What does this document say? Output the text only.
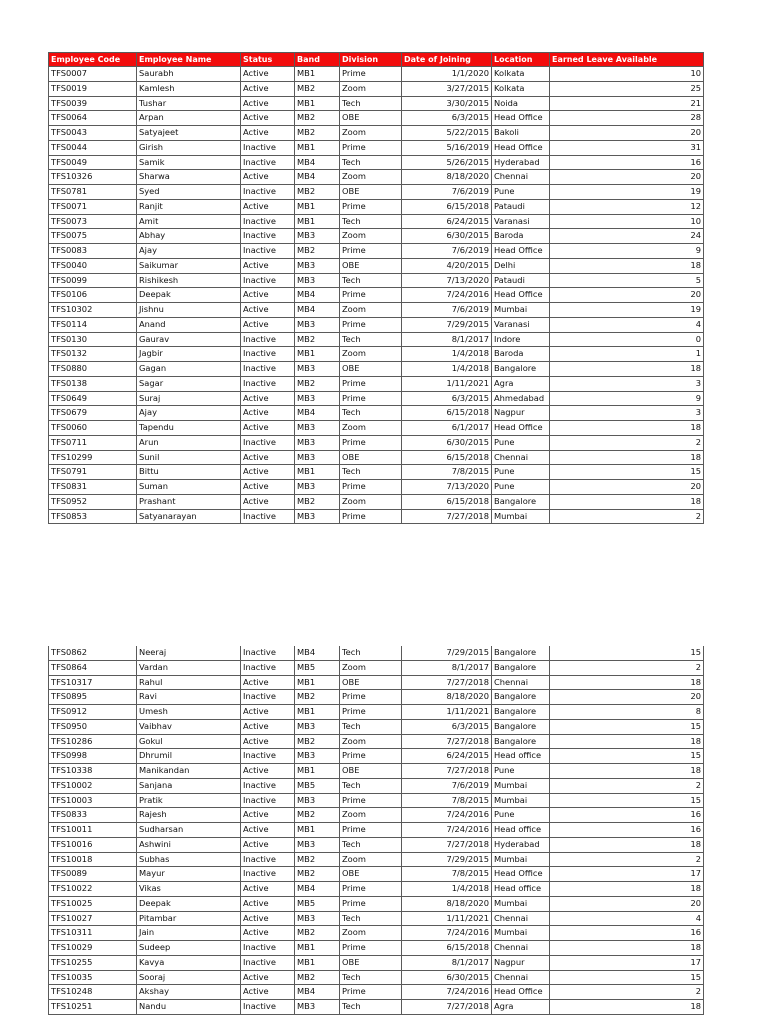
Employee Code	Employee Name	Status	Band	Division	Date of Joining	Location	Earned Leave Available
TFS0007	Saurabh	Active	MB1	Prime	1/1/2020 Kolkata	10
TFS0019	Kamlesh	Active	MB2	Zoom	3/27/2015 Kolkata	25
TFS0039	Tushar	Active	MB1	Tech	3/30/2015 Noida	21
TFS0064	Arpan	Active	MB2	OBE	6/3/2015 Head Office	28
TFS0043	Satyajeet	Active	MB2	Zoom	5/22/2015 Bakoli	20
TFS0044	Girish	Inactive	MB1	Prime	5/16/2019 Head Office	31
TFS0049	Samik	Inactive	MB4	Tech	5/26/2015 Hyderabad	16
TFS10326	Sharwa	Active	MB4	Zoom	8/18/2020 Chennai	20
TFS0781	Syed	Inactive	MB2	OBE	7/6/2019 Pune	19
TFS0071	Ranjit	Active	MB1	Prime	6/15/2018 Pataudi	12
TFS0073	Amit	Inactive	MB1	Tech	6/24/2015 Varanasi	10
TFS0075	Abhay	Inactive	MB3	Zoom	6/30/2015 Baroda	24
TFS0083	Ajay	Inactive	MB2	Prime	7/6/2019 Head Office	9
TFS0040	Saikumar	Active	MB3	OBE	4/20/2015 Delhi	18
TFS0099	Rishikesh	Inactive	MB3	Tech	7/13/2020 Pataudi	5
TFS0106	Deepak	Active	MB4	Prime	7/24/2016 Head Office	20
TFS10302	Jishnu	Active	MB4	Zoom	7/6/2019 Mumbai	19
TFS0114	Anand	Active	MB3	Prime	7/29/2015 Varanasi	4
TFS0130	Gaurav	Inactive	MB2	Tech	8/1/2017 Indore	0
TFS0132	Jagbir	Inactive	MB1	Zoom	1/4/2018 Baroda	1
TFS0880	Gagan	Inactive	MB3	OBE	1/4/2018 Bangalore	18
TFS0138	Sagar	Inactive	MB2	Prime	1/11/2021 Agra	3
TFS0649	Suraj	Active	MB3	Prime	6/3/2015 Ahmedabad	9
TFS0679	Ajay	Active	MB4	Tech	6/15/2018 Nagpur	3
TFS0060	Tapendu	Active	MB3	Zoom	6/1/2017 Head Office	18
TFS0711	Arun	Inactive	MB3	Prime	6/30/2015 Pune	2
TFS10299	Sunil	Active	MB3	OBE	6/15/2018 Chennai	18
TFS0791	Bittu	Active	MB1	Tech	7/8/2015 Pune	15
TFS0831	Suman	Active	MB3	Prime	7/13/2020 Pune	20
TFS0952	Prashant	Active	MB2	Zoom	6/15/2018 Bangalore	18
TFS0853	Satyanarayan	Inactive	MB3	Prime	7/27/2018 Mumbai	2
TFS0862	Neeraj	Inactive	MB4	Tech	7/29/2015 Bangalore	15
TFS0864	Vardan	Inactive	MB5	Zoom	8/1/2017 Bangalore	2
TFS10317	Rahul	Active	MB1	OBE	7/27/2018 Chennai	18
TFS0895	Ravi	Inactive	MB2	Prime	8/18/2020 Bangalore	20
TFS0912	Umesh	Active	MB1	Prime	1/11/2021 Bangalore	8
TFS0950	Vaibhav	Active	MB3	Tech	6/3/2015 Bangalore	15
TFS10286	Gokul	Active	MB2	Zoom	7/27/2018 Bangalore	18
TFS0998	Dhrumil	Inactive	MB3	Prime	6/24/2015 Head office	15
TFS10338	Manikandan	Active	MB1	OBE	7/27/2018 Pune	18
TFS10002	Sanjana	Inactive	MB5	Tech	7/6/2019 Mumbai	2
TFS10003	Pratik	Inactive	MB3	Prime	7/8/2015 Mumbai	15
TFS0833	Rajesh	Active	MB2	Zoom	7/24/2016 Pune	16
TFS10011	Sudharsan	Active	MB1	Prime	7/24/2016 Head office	16
TFS10016	Ashwini	Active	MB3	Tech	7/27/2018 Hyderabad	18
TFS10018	Subhas	Inactive	MB2	Zoom	7/29/2015 Mumbai	2
TFS0089	Mayur	Inactive	MB2	OBE	7/8/2015 Head Office	17
TFS10022	Vikas	Active	MB4	Prime	1/4/2018 Head office	18
TFS10025	Deepak	Active	MB5	Prime	8/18/2020 Mumbai	20
TFS10027	Pitambar	Active	MB3	Tech	1/11/2021 Chennai	4
TFS10311	Jain	Active	MB2	Zoom	7/24/2016 Mumbai	16
TFS10029	Sudeep	Inactive	MB1	Prime	6/15/2018 Chennai	18
TFS10255	Kavya	Inactive	MB1	OBE	8/1/2017 Nagpur	17
TFS10035	Sooraj	Active	MB2	Tech	6/30/2015 Chennai	15
TFS10248	Akshay	Active	MB4	Prime	7/24/2016 Head Office	2
TFS10251	Nandu	Inactive	MB3	Tech	7/27/2018 Agra	18
